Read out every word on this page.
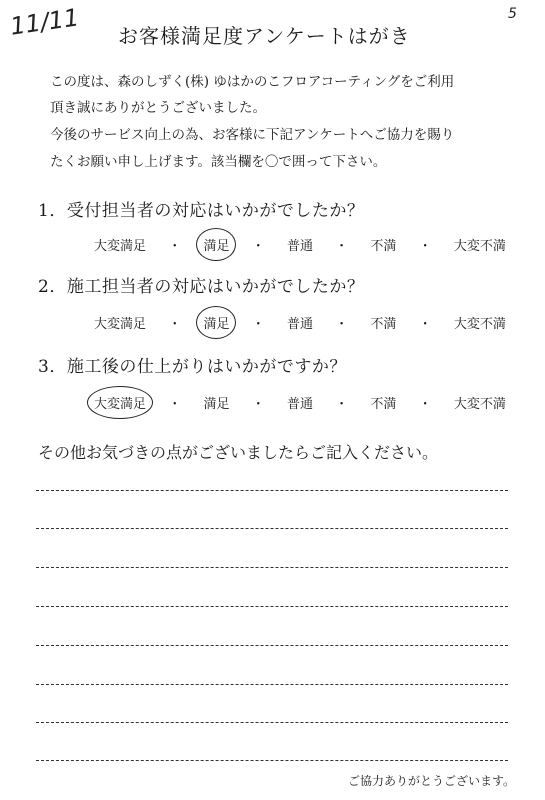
11/11	5
お客様満足度アンケートはがき
この度は、森のしずく(株) ゆはかのこフロアコーティングをご利用
頂き誠にありがとうございました。
今後のサービス向上の為、お客様に下記アンケートへご協力を賜り
たくお願い申し上げます。該当欄を〇で囲って下さい。
1．受付担当者の対応はいかがでしたか？
大変満足	・	満足	・	普通	・	不満	・	大変不満
2．施工担当者の対応はいかがでしたか？
大変満足	・	満足	・	普通	・	不満	・	大変不満
3．施工後の仕上がりはいかがですか？
大変満足	・	満足	・	普通	・	不満	・	大変不満
その他お気づきの点がございましたらご記入ください。
ご協力ありがとうございます。
